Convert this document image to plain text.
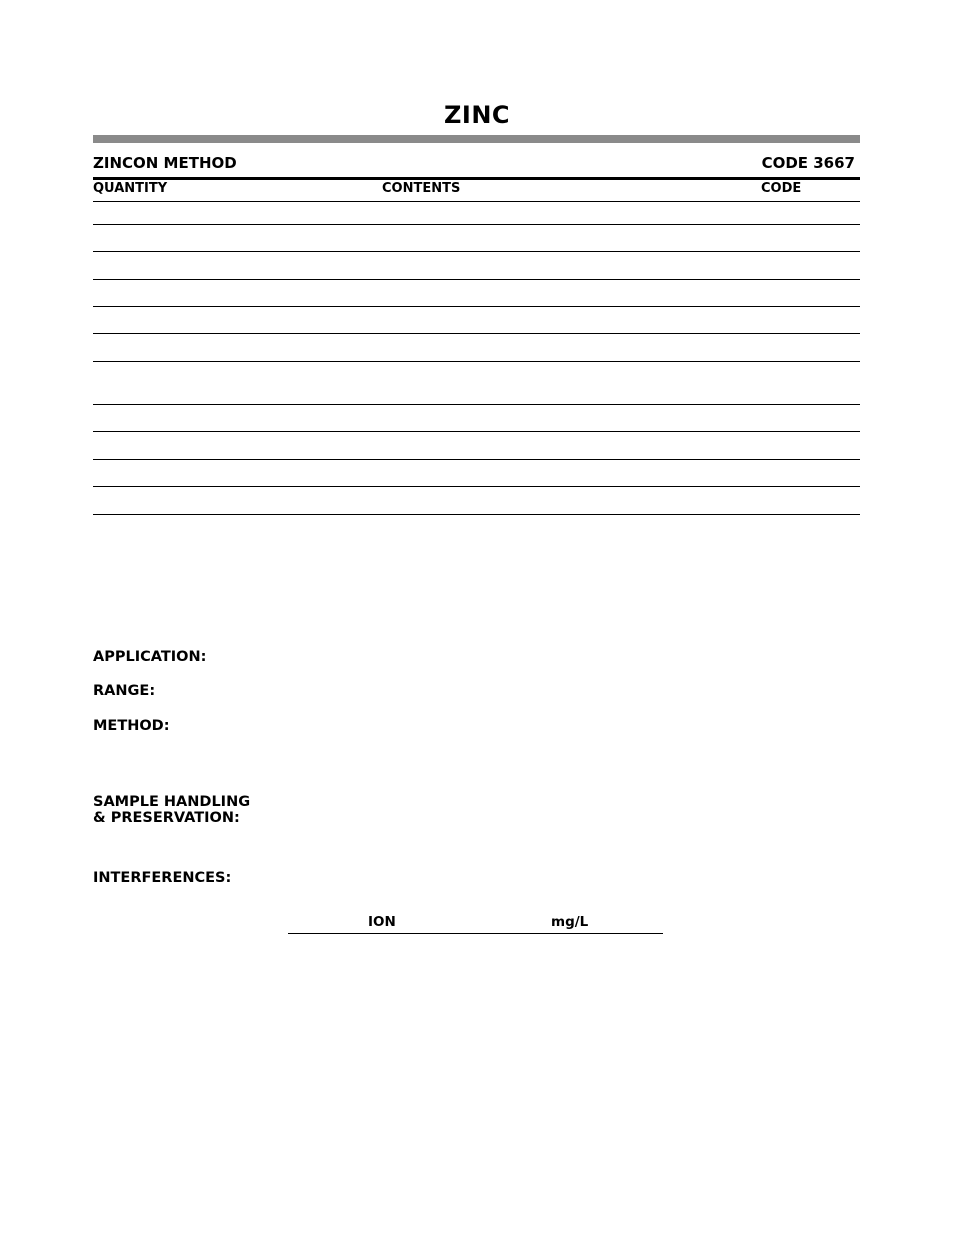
ZINC
ZINCON METHOD	CODE 3667
QUANTITY	CONTENTS	CODE
APPLICATION:
RANGE:
METHOD:
SAMPLE HANDLING
& PRESERVATION:
INTERFERENCES:
ION	mg/L
